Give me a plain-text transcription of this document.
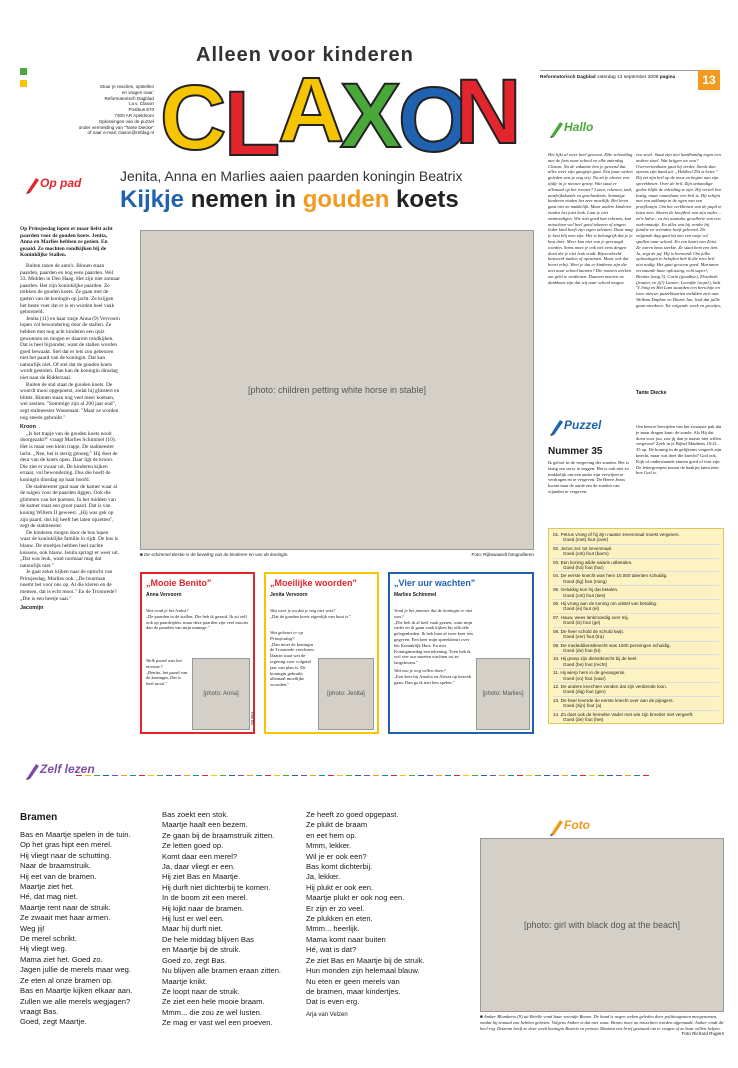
Stuur je reacties, opstellen
en vragen naar:
Reformatorisch Dagblad
t.a.v. Claxon
Postbus 670
7300 AR Apeldoorn
Oplossingen van de puzzel
onder vermelding van "Tante Diecke"
of naar e-mail: claxon@refdag.nl
Alleen voor kinderen
C
L
A
X
O
N	Reformatorisch Dagblad zaterdag 13 september 2008 pagina	13
Op pad	Jenita, Anna en Marlies aaien paarden koningin Beatrix
Kijkje nemen in gouden koets

Op Prinsjesdag lopen er maar liefst acht paarden voor de gouden koets. Jenita, Anna en Marlies hebben ze gezien. En geaaid. Ze mochten rondkijken bij de Koninklijke Stallen.

Buiten razen de auto's. Binnen staan paarden, paarden en nog eens paarden. Wel 33. Midden in Den Haag. Het zijn niet zomaar paarden. Het zijn koninklijke paarden. Ze trekken de gouden koets. Ze gaan met de gasten van de koningin op jacht. Ze krijgen het beste voer dat er is en worden heel vaak geborsteld.

Jenita (11) en haar zusje Anna (9) Vervoorn lopen vol bewondering door de stallen. Ze hebben met nog acht kinderen een quiz gewonnen en mogen er daarom rondkijken. Dat is heel bijzonder, want de stallen worden goed bewaakt. Stel dat er iets zou gebeuren met het paard van de koningin. Dat kan natuurlijk niet. Of stel dat de gouden koets wordt gestolen. Dan kan de koningin dinsdag niet naar de Ridderzaal.

Buiten de stal staat de gouden koets. De woordt mooi opgepoetst, zodat hij glinstert en blinkt. Binnen staan nog veel meer koetsen, wel zestien. "Sommige zijn al 200 jaar oud", zegt stalmeester Wassenaar. "Maar ze worden nog steeds gebruikt."

Kroon

„Is het trapje van de gouden koets nooit doorgezakt?" vraagt Marlies Schimmel (10). Het is maar een klein trapje. De stalmeester lacht. „Nee, het is sterig genoeg." Hij doet de deur van de koets open. Daar ligt de kroon. Die ziet er zwaar uit. De kinderen kijken ernaar, vol bewondering. Dus die hoeft de koningin dinsdag op haar hoofd.

De stalmeester gaat naar de kamer waar al de tuigen voor de paarden liggen. Ook die glimmen van het poetsen. In het midden van de kamer staat een groot paard. Dat is van koning Willem II geweest. „Hij was gek op zijn paard, dus hij heeft het laten opzetten", zegt de stalmeester.

De kinderen mogen door de bus lopen waar de koninklijke familie in rijdt. De bus is blauw. De stoeltjes hebben heel zachte kussens, ook blauw. Jenita springt er weer uit. „Dat was leuk, want normaal mag dat natuurlijk niet."

Je gaat zeker kijken naar de optocht van Prinsjesdag, Marlies ook. „De buurman noemt het voor ons op. Al die kleren en de mensen, dat is echt mooi." En de Troonrede? „Die is een beetje saai."

Jacomijn

[photo: children petting white horse in stable]
■ De schimmel Bestie is de lieveling van de kinderen en van de koningin.	Foto: Rijkswaardt fotografieren
„Mooie Benito"
Anna Vervoorn

Wat vond je het leukst?

„De paarden in de stallen. Die heb ik geaaid. Ik zit zelf ook op paardrijden, maar deze paarden zijn veel mooier dan de paarden van mijn manege."

Welk paard was het mooiste?

„Benito, het paard van de koningin. Dat is heel mooi."

[photo: Anna]
Foto RD
„Moeilijke woorden"
Jenita Vervoorn

Wat weet je nu dat je nog niet wist?

„Dat de gouden koets eigenlijk van hout is."

Wat gebeurt er op Prinsjesdag?

„Dan moet de koningin de Troonrede voorlezen. Daarin staat wat de regering voor volgend jaar van plan is. De koningin gebruikt allemaal moeilijke woorden."

[photo: Jenita]
„Vier uur wachten"
Marlies Schimmel

Vond je het jammer dat de koningin er niet was?

„Die heb ik al heel vaak gezien, want mijn vader en ik gaan vaak kijken bij officiële gelegenheden. Ik heb haar al twee keer iets gegeven. Een keer mijn spreekbeurt over het Koninklijk Huis. En met Koninginnedag een tekening. Toen heb ik wel vier uur moeten wachten tot ze langskwam."

Wat zou je nog willen doen?

„Een keer bij Amalia en Alexia op bezoek gaan. Dan ga ik met hen spelen."

[photo: Marlies]
Hallo
Het lijkt al weer heel gewoon. Elke schooldag met de fiets naar school en elke zaterdag Claxon. Na de vakantie ben je gewend dat alles weer zijn gangetje gaat. Een paar weken geleden was je nog vrij. Nu zit je alweer een tijdje in je nieuwe groep. Wat staat er allemaal op het rooster? Lezen, rekenen, taal, aardrijkskunde en geschiedenis. Sommige kinderen vinden het zeer moeilijk. Het leren gaat niet zo makkelijk. Maar andere kinderen vinden het juist leuk. Laat je niet ontmoedigen. Wie niet goed kan rekenen, kan misschien wel heel goed tekenen of zingen. Ieder kind heeft zijn eigen talenten. Daar mag je best blij mee zijn. Het is belangrijk dat je je best doet. Meer kan niet van je gevraagd worden. Soms moet je ook wel eens dingen doen die je niet leuk vindt. Bijvoorbeeld huiswerk maken of opruimen. Maar ook dat hoort erbij. Weet je dat er kinderen zijn die niet naar school kunnen? Die moeten werken om geld te verdienen. Daarom moeten we dankbaar zijn dat wij naar school mogen.
een stoel. Staat zijn niet hardhandig tegen een andere stoel. Wat krijgen we nou? Oververtenthaar gaat hij verder. Steekt dan opeens zijn hand uit. „Hebbes! Dit is beter." Hij zet zijn bril op de neus en begint aan zijn spreekbeurt. Over de bril. Zijn onhandige gedoe blijkt de inleiding te zijn. Hij vertelt hoe lastig, maar onmisbaar een bril is. Hij schijnt met een zaklamp in de ogen van een proefkonijn. Om het verklinnen van de pupil te laten zien. Skavet de hoofdrol van zijn vader –zo'n halve– en het aantalse gevallerte van een oud-omaatje. En alles wat hij verder bij familie en vrienden heeft gehoord. De volgende dag gaat hij met een tasje vol spullen naar school. En een kaart van Zeist. Ze waren heus sterkte. Ze staat hem een tien. Ja, zegt de juf. Hij is beroemd. Om jullie oplossingen te bekijken heb ik die nice bril niet nodig. Het gaat gewoon goed. Marianne verstuurde haar oplossing, echt super!; Bertine (mag 3), Carin (goodbye), Elisabeth (fraaier, en jij!) Lauree, Leentjke (oops!), kids 'Y Jong en Het Lam stuurden een berichtje en twee nieuwe puzzelkaarten meldden zich aan. Welkom Daphne en Hiarm Jan, leuk dat jullie gaan meedoen. Tot volgende week en groetjes,
Tante Diecke
Puzzel
Nummer 35
Ik geloof in de vergeving der zonden. Het is lastig om sorry te zeggen. Het is ook niet zo makkelijk om een ander zijn verwijten te verdragen en te vergeven. De Heere Jezus kwam naar de aarde om de zonden van vijanden te vergeven.
Om hem te bevrijden van het zwaarste pak dat je maar dragen kunt: de zonde. Als Hij dat doen voor jou, zou jij dan je naaste niet willen vergeven? Zoek in je Bijbel Mattheüs 18:21–35 op. De koning in de gelijkenis vergeeft zijn knecht, maar wat doet die knecht? God ook. Kijk of onderstaande zinnen goed of fout zijn. De lettergroepen tussen de haakjes laten zien hoe God is.
01. Petrus vroeg of hij zijn naaste zevenmaal moest vergeven.
Goed (met) fout (over)
02. Jezus zei: tot zevenmaal.
Goed (ont) fout (barm)
03. Een koning wilde salaris uitbetalen.
Goed (ho) fout (har)
04. De eerste knecht was hem 10.000 talenten schuldig.
Goed (tig) fout (ming)
05. Gelukkig kon hij dat betalen.
Goed (ont) fout (ties)
06. Hij vroeg aan de koning om uitstel van betaling.
Goed (ei) fout (el)
07. Hauw, wees lankmoedig over mij.
Goed (is) fout (ge)
08. De heer schold de schuld kwijt.
Goed (eer) fout (tra)
09. De mededdienstknecht was 1000 penningen schuldig.
Goed (de) fout (kt)
10. Hij greep zijn dienstknecht bij de keel.
Goed (be) fout (recht)
11. Hij wierp hem in de gevangenis.
Goed (vo) fout (vaar)
12. De andere knechten vonden dat zijn verdiende loon.
Goed (dig) fout (gen)
13. De heer leverde de eerste knecht over aan de pijnigers.
Goed (zijn) fout (a)
14. Zo doet ook de hemelse Vader met wie zijn broeder niet vergeeft.
Goed (de) fout (het)
Zelf lezen
Bramen

Bas en Maartje spelen in de tuin.

Op het gras hipt een merel.

Hij vliegt naar de schutting.

Naar de braamstruik.

Hij eet van de bramen.

Maartje ziet het.

Hé, dat mag niet.

Maartje rent naar de struik.

Ze zwaait met haar armen.

Weg jij!

De merel schrikt.

Hij vliegt weg.

Mama ziet het. Goed zo.

Jagen jullie de merels maar weg.

Ze eten al onze bramen op.

Bas en Maartje kijken elkaar aan.

Zullen we alle merels wegjagen?

vraagt Bas.

Goed, zegt Maartje.

Bas zoekt een stok.

Maartje haalt een bezem.

Ze gaan bij de braamstruik zitten.

Ze letten goed op.

Komt daar een merel?

Ja, daar vliegt er een.

Hij ziet Bas en Maartje.

Hij durft niet dichterbij te komen.

In de boom zit een merel.

Hij kijkt naar de bramen.

Hij lust er wel een.

Maar hij durft niet.

De hele middag blijven Bas

en Maartje bij de struik.

Goed zo, zegt Bas.

Nu blijven alle bramen eraan zitten.

Maartje knikt.

Ze loopt naar de struik.

Ze ziet een hele mooie braam.

Mmm... die zou ze wel lusten.

Ze mag er vast wel een proeven.

Ze heeft zo goed opgepast.

Ze plukt de braam

en eet hem op.

Mmm, lekker.

Wil je er ook een?

Bas komt dichterbij.

Ja, lekker.

Hij plukt er ook een.

Maartje plukt er ook nog een.

Er zijn er zo veel.

Ze plukken en eten.

Mmm... heerlijk.

Mama komt naar buiten

Hé, wat is dat?

Ze ziet Bas en Maartje bij de struik.

Hun monden zijn helemaal blauw.

Nu eten er geen merels van

de bramen, maar kindertjes.

Dat is even erg.

Arja van Velzen
Foto
[photo: girl with black dog at the beach]
■ Amber Blomberts (9) uit Brielle vond haar vriendje Benno. De hond is negen weken geleden door politieagenten meegenomen, omdat hij zomaal zou hebben gebeten. Volgens Amber is dat niet waar. Benno moet nu misschien worden afgemaakt. Amber vindt dit heel erg. Daarom heeft ze deze week koningin Beatrix en prinses Maxima een brief gestuurd om te vragen of ze haar willen helpen.
Foto Richard Rugers
